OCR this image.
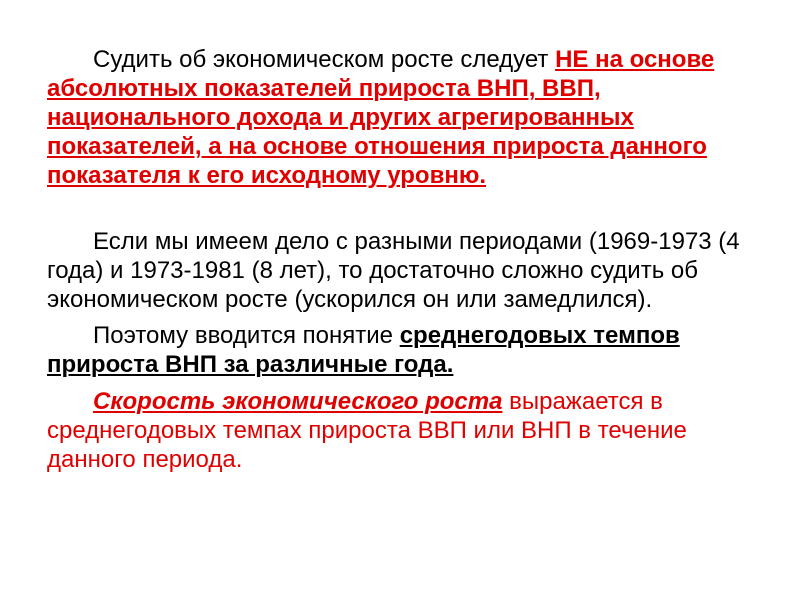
Судить об экономическом росте следует НЕ на основе абсолютных показателей прироста ВНП, ВВП, национального дохода и других агрегированных показателей, а на основе отношения прироста данного показателя к его исходному уровню.

Если мы имеем дело с разными периодами (1969-1973 (4 года) и 1973-1981 (8 лет), то достаточно сложно судить об экономическом росте (ускорился он или замедлился).

Поэтому вводится понятие среднегодовых темпов прироста ВНП за различные года.

Скорость экономического роста выражается в среднегодовых темпах прироста ВВП или ВНП в течение данного периода.
